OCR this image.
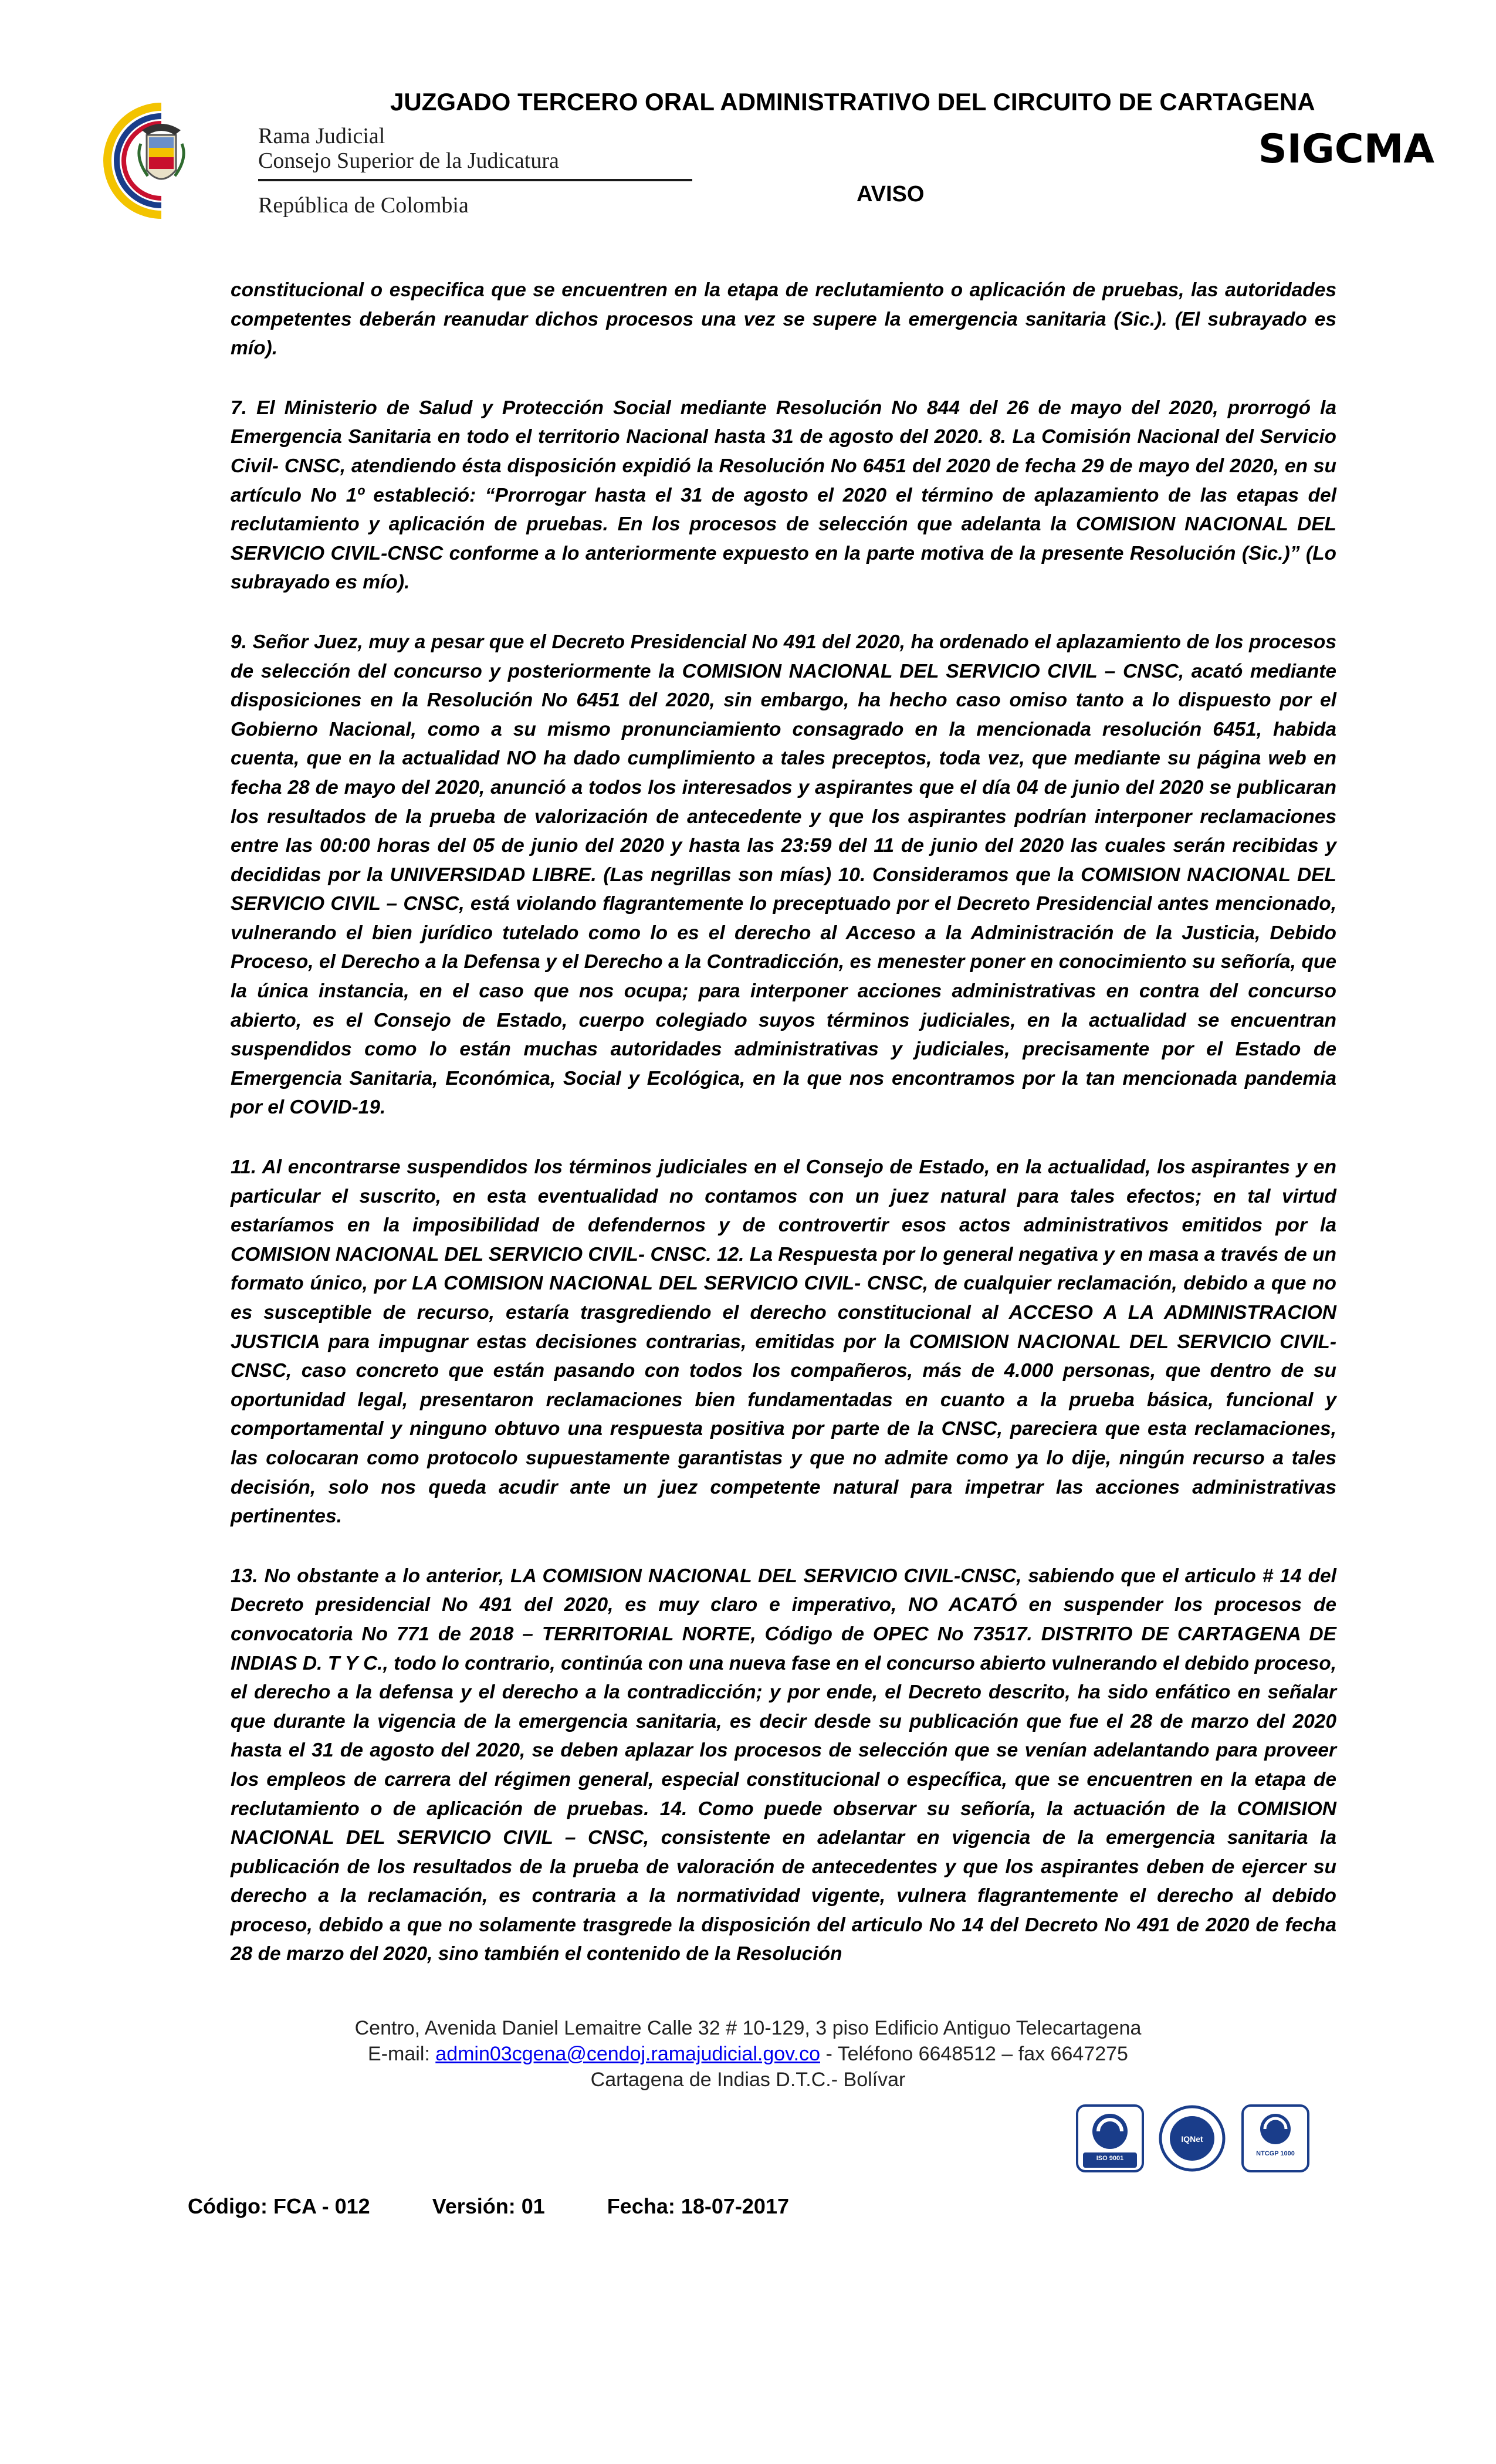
Rama Judicial
Consejo Superior de la Judicatura
República de Colombia
JUZGADO TERCERO ORAL ADMINISTRATIVO DEL CIRCUITO DE CARTAGENA
SIGCMA
AVISO

constitucional o especifica que se encuentren en la etapa de reclutamiento o aplicación de pruebas, las autoridades competentes deberán reanudar dichos procesos una vez se supere la emergencia sanitaria (Sic.). (El subrayado es mío).

7. El Ministerio de Salud y Protección Social mediante Resolución No 844 del 26 de mayo del 2020, prorrogó la Emergencia Sanitaria en todo el territorio Nacional hasta 31 de agosto del 2020. 8. La Comisión Nacional del Servicio Civil- CNSC, atendiendo ésta disposición expidió la Resolución No 6451 del 2020 de fecha 29 de mayo del 2020, en su artículo No 1º estableció: “Prorrogar hasta el 31 de agosto el 2020 el término de aplazamiento de las etapas del reclutamiento y aplicación de pruebas. En los procesos de selección que adelanta la COMISION NACIONAL DEL SERVICIO CIVIL-CNSC conforme a lo anteriormente expuesto en la parte motiva de la presente Resolución (Sic.)” (Lo subrayado es mío).

9. Señor Juez, muy a pesar que el Decreto Presidencial No 491 del 2020, ha ordenado el aplazamiento de los procesos de selección del concurso y posteriormente la COMISION NACIONAL DEL SERVICIO CIVIL – CNSC, acató mediante disposiciones en la Resolución No 6451 del 2020, sin embargo, ha hecho caso omiso tanto a lo dispuesto por el Gobierno Nacional, como a su mismo pronunciamiento consagrado en la mencionada resolución 6451, habida cuenta, que en la actualidad NO ha dado cumplimiento a tales preceptos, toda vez, que mediante su página web en fecha 28 de mayo del 2020, anunció a todos los interesados y aspirantes que el día 04 de junio del 2020 se publicaran los resultados de la prueba de valorización de antecedente y que los aspirantes podrían interponer reclamaciones entre las 00:00 horas del 05 de junio del 2020 y hasta las 23:59 del 11 de junio del 2020 las cuales serán recibidas y decididas por la UNIVERSIDAD LIBRE. (Las negrillas son mías) 10. Consideramos que la COMISION NACIONAL DEL SERVICIO CIVIL – CNSC, está violando flagrantemente lo preceptuado por el Decreto Presidencial antes mencionado, vulnerando el bien jurídico tutelado como lo es el derecho al Acceso a la Administración de la Justicia, Debido Proceso, el Derecho a la Defensa y el Derecho a la Contradicción, es menester poner en conocimiento su señoría, que la única instancia, en el caso que nos ocupa; para interponer acciones administrativas en contra del concurso abierto, es el Consejo de Estado, cuerpo colegiado suyos términos judiciales, en la actualidad se encuentran suspendidos como lo están muchas autoridades administrativas y judiciales, precisamente por el Estado de Emergencia Sanitaria, Económica, Social y Ecológica, en la que nos encontramos por la tan mencionada pandemia por el COVID-19.

11. Al encontrarse suspendidos los términos judiciales en el Consejo de Estado, en la actualidad, los aspirantes y en particular el suscrito, en esta eventualidad no contamos con un juez natural para tales efectos; en tal virtud estaríamos en la imposibilidad de defendernos y de controvertir esos actos administrativos emitidos por la COMISION NACIONAL DEL SERVICIO CIVIL- CNSC. 12. La Respuesta por lo general negativa y en masa a través de un formato único, por LA COMISION NACIONAL DEL SERVICIO CIVIL- CNSC, de cualquier reclamación, debido a que no es susceptible de recurso, estaría trasgrediendo el derecho constitucional al ACCESO A LA ADMINISTRACION JUSTICIA para impugnar estas decisiones contrarias, emitidas por la COMISION NACIONAL DEL SERVICIO CIVIL- CNSC, caso concreto que están pasando con todos los compañeros, más de 4.000 personas, que dentro de su oportunidad legal, presentaron reclamaciones bien fundamentadas en cuanto a la prueba básica, funcional y comportamental y ninguno obtuvo una respuesta positiva por parte de la CNSC, pareciera que esta reclamaciones, las colocaran como protocolo supuestamente garantistas y que no admite como ya lo dije, ningún recurso a tales decisión, solo nos queda acudir ante un juez competente natural para impetrar las acciones administrativas pertinentes.

13. No obstante a lo anterior, LA COMISION NACIONAL DEL SERVICIO CIVIL-CNSC, sabiendo que el articulo # 14 del Decreto presidencial No 491 del 2020, es muy claro e imperativo, NO ACATÓ en suspender los procesos de convocatoria No 771 de 2018 – TERRITORIAL NORTE, Código de OPEC No 73517. DISTRITO DE CARTAGENA DE INDIAS D. T Y C., todo lo contrario, continúa con una nueva fase en el concurso abierto vulnerando el debido proceso, el derecho a la defensa y el derecho a la contradicción; y por ende, el Decreto descrito, ha sido enfático en señalar que durante la vigencia de la emergencia sanitaria, es decir desde su publicación que fue el 28 de marzo del 2020 hasta el 31 de agosto del 2020, se deben aplazar los procesos de selección que se venían adelantando para proveer los empleos de carrera del régimen general, especial constitucional o específica, que se encuentren en la etapa de reclutamiento o de aplicación de pruebas. 14. Como puede observar su señoría, la actuación de la COMISION NACIONAL DEL SERVICIO CIVIL – CNSC, consistente en adelantar en vigencia de la emergencia sanitaria la publicación de los resultados de la prueba de valoración de antecedentes y que los aspirantes deben de ejercer su derecho a la reclamación, es contraria a la normatividad vigente, vulnera flagrantemente el derecho al debido proceso, debido a que no solamente trasgrede la disposición del articulo No 14 del Decreto No 491 de 2020 de fecha 28 de marzo del 2020, sino también el contenido de la Resolución

Centro, Avenida Daniel Lemaitre Calle 32 # 10-129, 3 piso Edificio Antiguo Telecartagena
E-mail: admin03cgena@cendoj.ramajudicial.gov.co - Teléfono 6648512 – fax 6647275
Cartagena de Indias D.T.C.- Bolívar
ISO 9001
IQNet
NTCGP 1000
Código: FCA - 012	Versión: 01	Fecha: 18-07-2017
